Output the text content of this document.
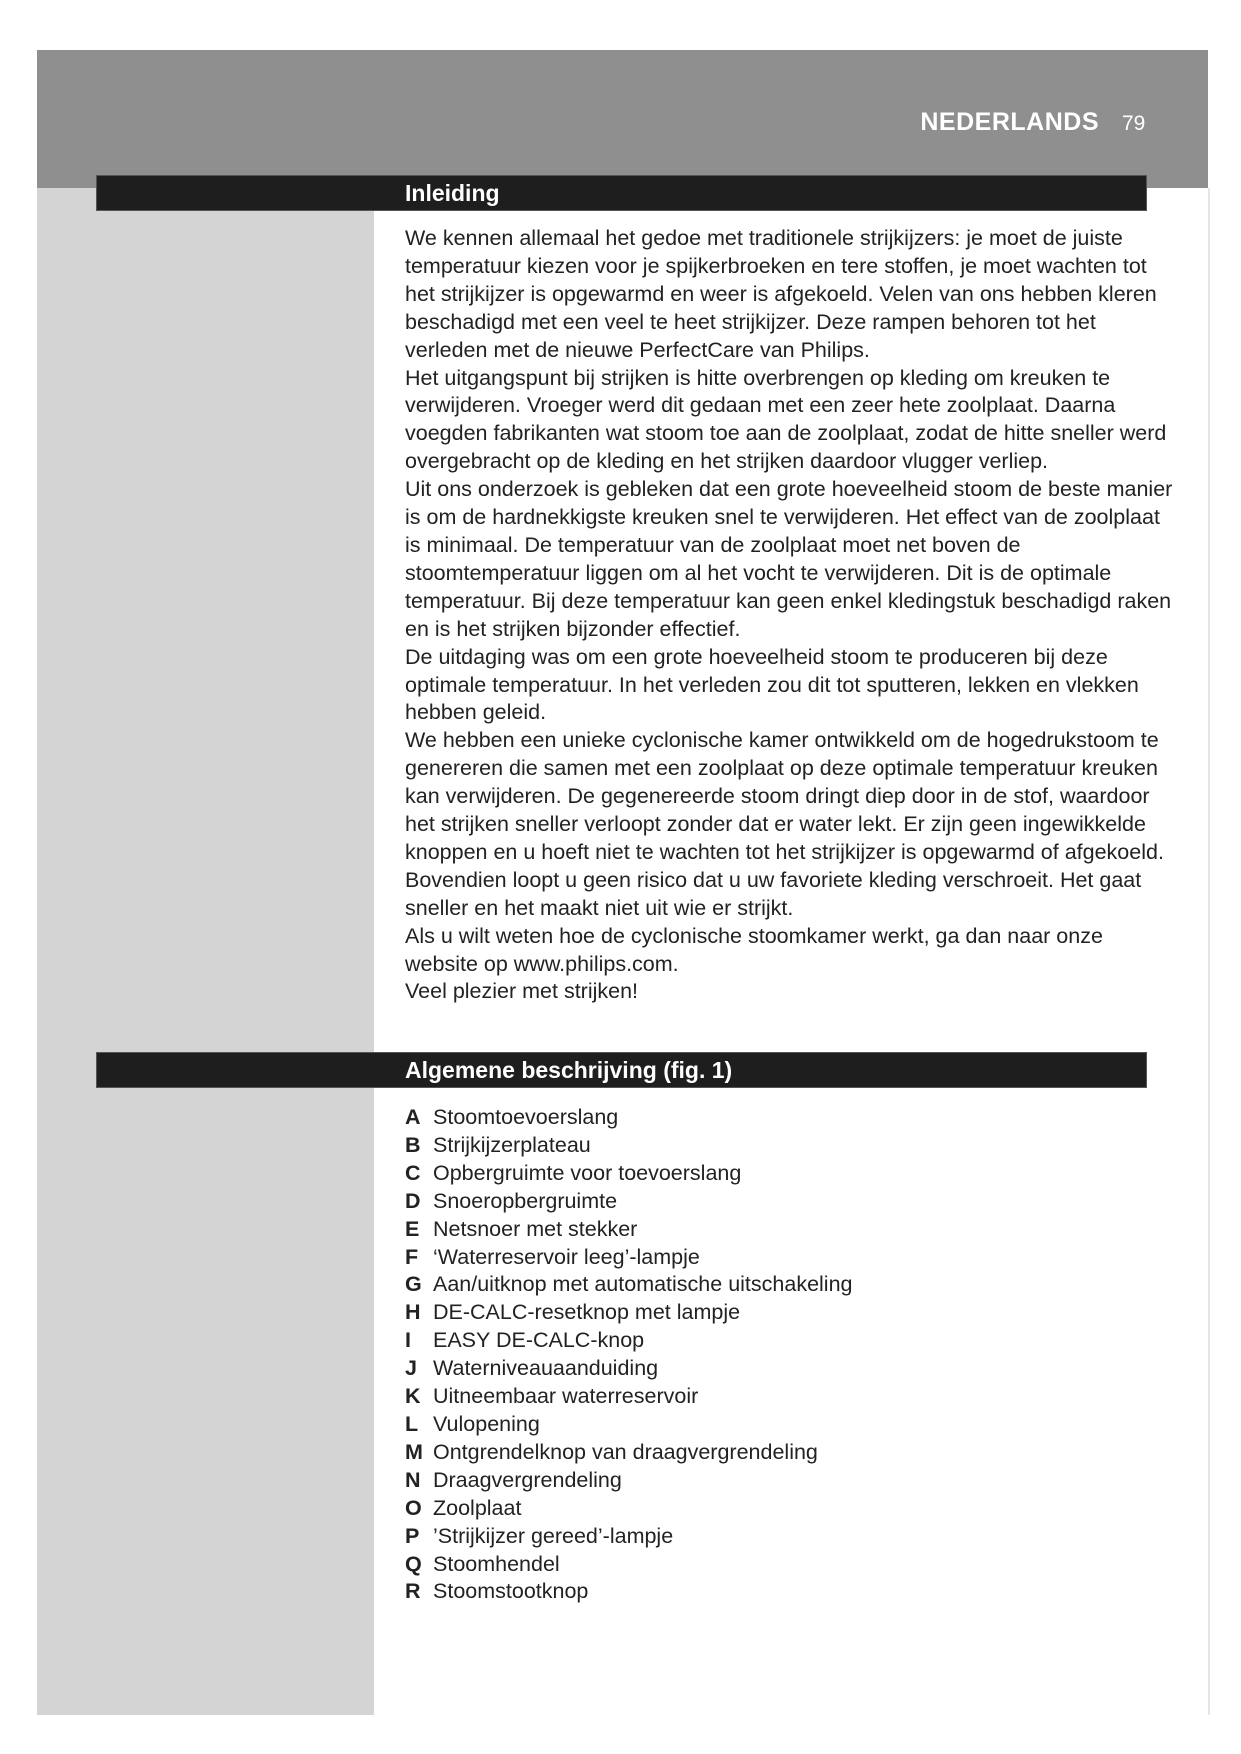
NEDERLANDS 79
Inleiding

We kennen allemaal het gedoe met traditionele strijkijzers: je moet de juiste temperatuur kiezen voor je spijkerbroeken en tere stoffen, je moet wachten tot het strijkijzer is opgewarmd en weer is afgekoeld. Velen van ons hebben kleren beschadigd met een veel te heet strijkijzer. Deze rampen behoren tot het verleden met de nieuwe PerfectCare van Philips.

Het uitgangspunt bij strijken is hitte overbrengen op kleding om kreuken te verwijderen. Vroeger werd dit gedaan met een zeer hete zoolplaat. Daarna voegden fabrikanten wat stoom toe aan de zoolplaat, zodat de hitte sneller werd overgebracht op de kleding en het strijken daardoor vlugger verliep.

Uit ons onderzoek is gebleken dat een grote hoeveelheid stoom de beste manier is om de hardnekkigste kreuken snel te verwijderen. Het effect van de zoolplaat is minimaal. De temperatuur van de zoolplaat moet net boven de stoomtemperatuur liggen om al het vocht te verwijderen. Dit is de optimale temperatuur. Bij deze temperatuur kan geen enkel kledingstuk beschadigd raken en is het strijken bijzonder effectief.

De uitdaging was om een grote hoeveelheid stoom te produceren bij deze optimale temperatuur. In het verleden zou dit tot sputteren, lekken en vlekken hebben geleid.

We hebben een unieke cyclonische kamer ontwikkeld om de hogedrukstoom te genereren die samen met een zoolplaat op deze optimale temperatuur kreuken kan verwijderen. De gegenereerde stoom dringt diep door in de stof, waardoor het strijken sneller verloopt zonder dat er water lekt. Er zijn geen ingewikkelde knoppen en u hoeft niet te wachten tot het strijkijzer is opgewarmd of afgekoeld. Bovendien loopt u geen risico dat u uw favoriete kleding verschroeit. Het gaat sneller en het maakt niet uit wie er strijkt.

Als u wilt weten hoe de cyclonische stoomkamer werkt, ga dan naar onze website op www.philips.com.

Veel plezier met strijken!

Algemene beschrijving (fig. 1)
A Stoomtoevoerslang
B Strijkijzerplateau
C Opbergruimte voor toevoerslang
D Snoeropbergruimte
E Netsnoer met stekker
F ‘Waterreservoir leeg’-lampje
G Aan/uitknop met automatische uitschakeling
H DE-CALC-resetknop met lampje
I EASY DE-CALC-knop
J Waterniveauaanduiding
K Uitneembaar waterreservoir
L Vulopening
M Ontgrendelknop van draagvergrendeling
N Draagvergrendeling
O Zoolplaat
P ’Strijkijzer gereed’-lampje
Q Stoomhendel
R Stoomstootknop
